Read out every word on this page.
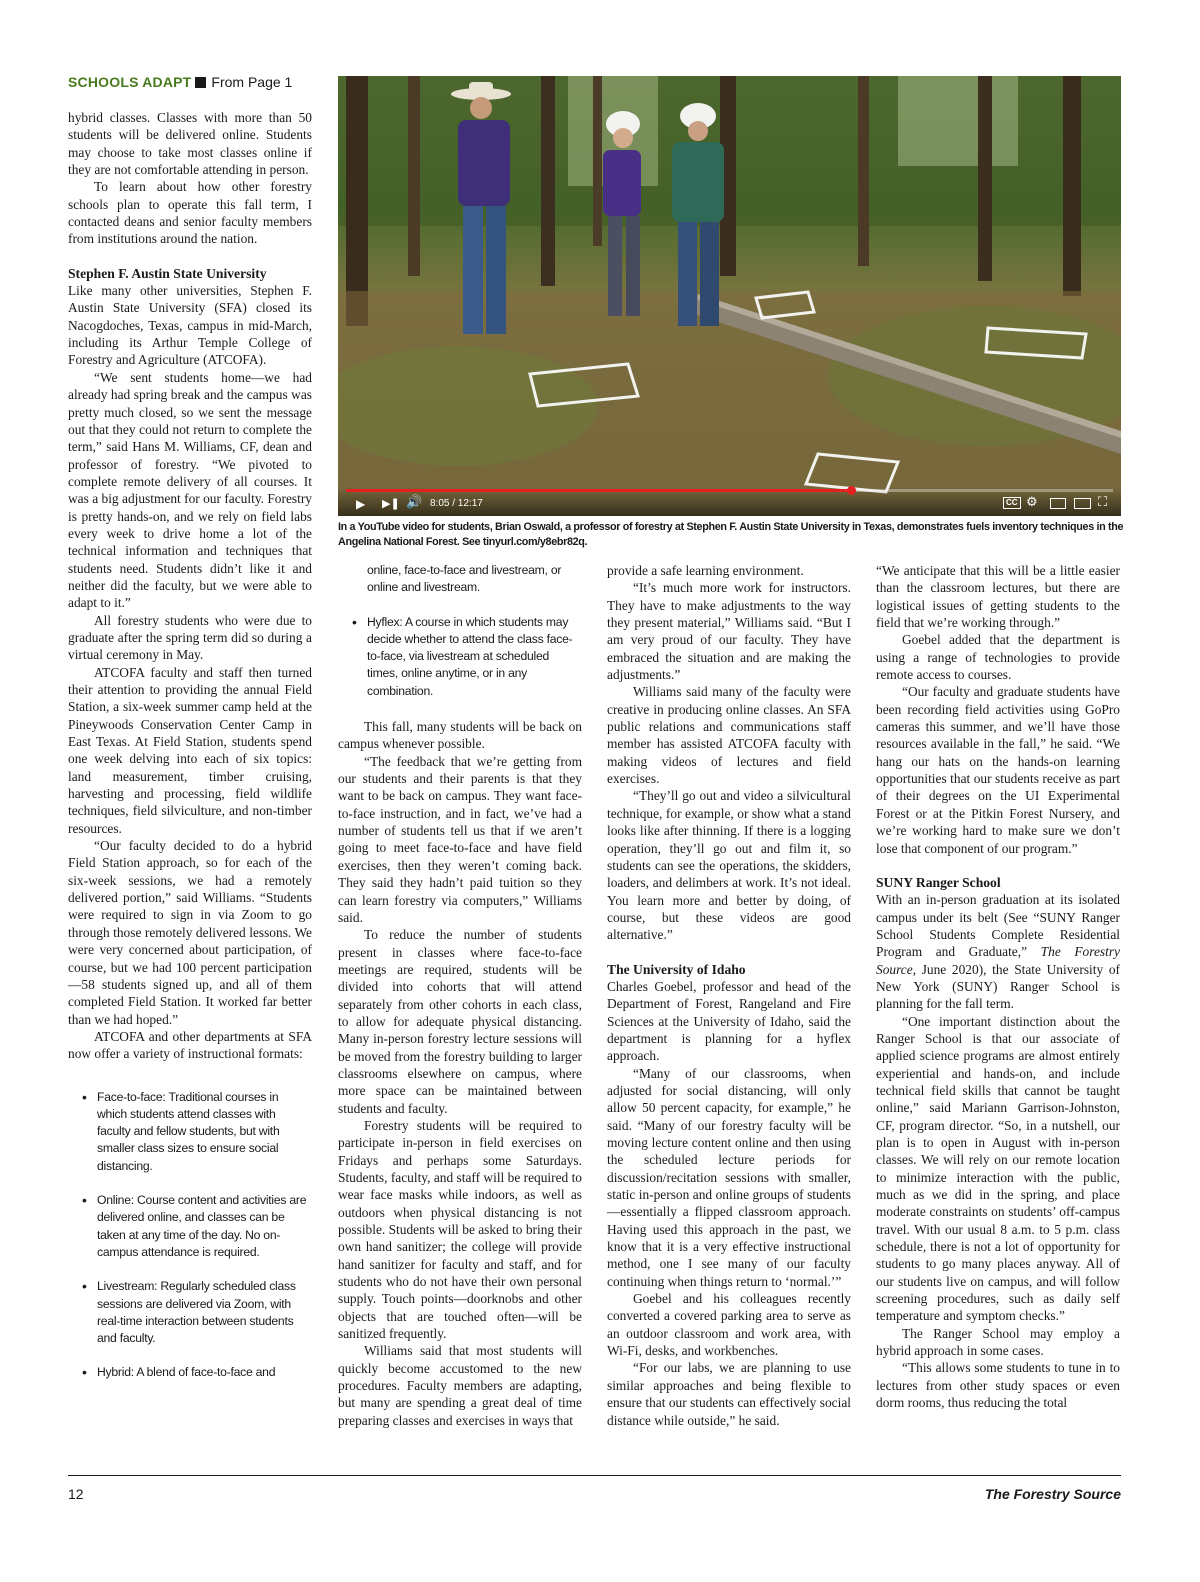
SCHOOLS ADAPT From Page 1

hybrid classes. Classes with more than 50 students will be delivered online. Students may choose to take most classes online if they are not comfortable attending in person.

To learn about how other forestry schools plan to operate this fall term, I contacted deans and senior faculty members from institutions around the nation.

Stephen F. Austin State University

Like many other universities, Stephen F. Austin State University (SFA) closed its Nacogdoches, Texas, campus in mid-March, including its Arthur Temple College of Forestry and Agriculture (ATCOFA).

“We sent students home—we had already had spring break and the campus was pretty much closed, so we sent the message out that they could not return to complete the term,” said Hans M. Williams, CF, dean and professor of forestry. “We pivoted to complete remote delivery of all courses. It was a big adjustment for our faculty. Forestry is pretty hands-on, and we rely on field labs every week to drive home a lot of the technical information and techniques that students need. Students didn’t like it and neither did the faculty, but we were able to adapt to it.”

All forestry students who were due to graduate after the spring term did so during a virtual ceremony in May.

ATCOFA faculty and staff then turned their attention to providing the annual Field Station, a six-week summer camp held at the Pineywoods Conservation Center Camp in East Texas. At Field Station, students spend one week delving into each of six topics: land measurement, timber cruising, harvesting and processing, field wildlife techniques, field silviculture, and non-timber resources.

“Our faculty decided to do a hybrid Field Station approach, so for each of the six-week sessions, we had a remotely delivered portion,” said Williams. “Students were required to sign in via Zoom to go through those remotely delivered lessons. We were very concerned about participation, of course, but we had 100 percent participation—58 students signed up, and all of them completed Field Station. It worked far better than we had hoped.”

ATCOFA and other departments at SFA now offer a variety of instructional formats:

• Face-to-face: Traditional courses in which students attend classes with faculty and fellow students, but with smaller class sizes to ensure social distancing.
• Online: Course content and activities are delivered online, and classes can be taken at any time of the day. No on-campus attendance is required.
• Livestream: Regularly scheduled class sessions are delivered via Zoom, with real-time interaction between students and faculty.
• Hybrid: A blend of face-to-face and
▶ ▶❚ 🔊 8:05 / 12:17	CC ⚙	⛶
In a YouTube video for students, Brian Oswald, a professor of forestry at Stephen F. Austin State University in Texas, demonstrates fuels inventory techniques in the Angelina National Forest. See tinyurl.com/y8ebr82q.
online, face-to-face and livestream, or online and livestream.
• Hyflex: A course in which students may decide whether to attend the class face-to-face, via livestream at scheduled times, online anytime, or in any combination.

This fall, many students will be back on campus whenever possible.

“The feedback that we’re getting from our students and their parents is that they want to be back on campus. They want face-to-face instruction, and in fact, we’ve had a number of students tell us that if we aren’t going to meet face-to-face and have field exercises, then they weren’t coming back. They said they hadn’t paid tuition so they can learn forestry via computers,” Williams said.

To reduce the number of students present in classes where face-to-face meetings are required, students will be divided into cohorts that will attend separately from other cohorts in each class, to allow for adequate physical distancing. Many in-person forestry lecture sessions will be moved from the forestry building to larger classrooms elsewhere on campus, where more space can be maintained between students and faculty.

Forestry students will be required to participate in-person in field exercises on Fridays and perhaps some Saturdays. Students, faculty, and staff will be required to wear face masks while indoors, as well as outdoors when physical distancing is not possible. Students will be asked to bring their own hand sanitizer; the college will provide hand sanitizer for faculty and staff, and for students who do not have their own personal supply. Touch points—doorknobs and other objects that are touched often—will be sanitized frequently.

Williams said that most students will quickly become accustomed to the new procedures. Faculty members are adapting, but many are spending a great deal of time preparing classes and exercises in ways that

provide a safe learning environment.

“It’s much more work for instructors. They have to make adjustments to the way they present material,” Williams said. “But I am very proud of our faculty. They have embraced the situation and are making the adjustments.”

Williams said many of the faculty were creative in producing online classes. An SFA public relations and communications staff member has assisted ATCOFA faculty with making videos of lectures and field exercises.

“They’ll go out and video a silvicultural technique, for example, or show what a stand looks like after thinning. If there is a logging operation, they’ll go out and film it, so students can see the operations, the skidders, loaders, and delimbers at work. It’s not ideal. You learn more and better by doing, of course, but these videos are good alternative.”

The University of Idaho

Charles Goebel, professor and head of the Department of Forest, Rangeland and Fire Sciences at the University of Idaho, said the department is planning for a hyflex approach.

“Many of our classrooms, when adjusted for social distancing, will only allow 50 percent capacity, for example,” he said. “Many of our forestry faculty will be moving lecture content online and then using the scheduled lecture periods for discussion/recitation sessions with smaller, static in-person and online groups of students—essentially a flipped classroom approach. Having used this approach in the past, we know that it is a very effective instructional method, one I see many of our faculty continuing when things return to ‘normal.’”

Goebel and his colleagues recently converted a covered parking area to serve as an outdoor classroom and work area, with Wi-Fi, desks, and workbenches.

“For our labs, we are planning to use similar approaches and being flexible to ensure that our students can effectively social distance while outside,” he said.

“We anticipate that this will be a little easier than the classroom lectures, but there are logistical issues of getting students to the field that we’re working through.”

Goebel added that the department is using a range of technologies to provide remote access to courses.

“Our faculty and graduate students have been recording field activities using GoPro cameras this summer, and we’ll have those resources available in the fall,” he said. “We hang our hats on the hands-on learning opportunities that our students receive as part of their degrees on the UI Experimental Forest or at the Pitkin Forest Nursery, and we’re working hard to make sure we don’t lose that component of our program.”

SUNY Ranger School

With an in-person graduation at its isolated campus under its belt (See “SUNY Ranger School Students Complete Residential Program and Graduate,” The Forestry Source, June 2020), the State University of New York (SUNY) Ranger School is planning for the fall term.

“One important distinction about the Ranger School is that our associate of applied science programs are almost entirely experiential and hands-on, and include technical field skills that cannot be taught online,” said Mariann Garrison-Johnston, CF, program director. “So, in a nutshell, our plan is to open in August with in-person classes. We will rely on our remote location to minimize interaction with the public, much as we did in the spring, and place moderate constraints on students’ off-campus travel. With our usual 8 a.m. to 5 p.m. class schedule, there is not a lot of opportunity for students to go many places anyway. All of our students live on campus, and will follow screening procedures, such as daily self temperature and symptom checks.”

The Ranger School may employ a hybrid approach in some cases.

“This allows some students to tune in to lectures from other study spaces or even dorm rooms, thus reducing the total

12	The Forestry Source
